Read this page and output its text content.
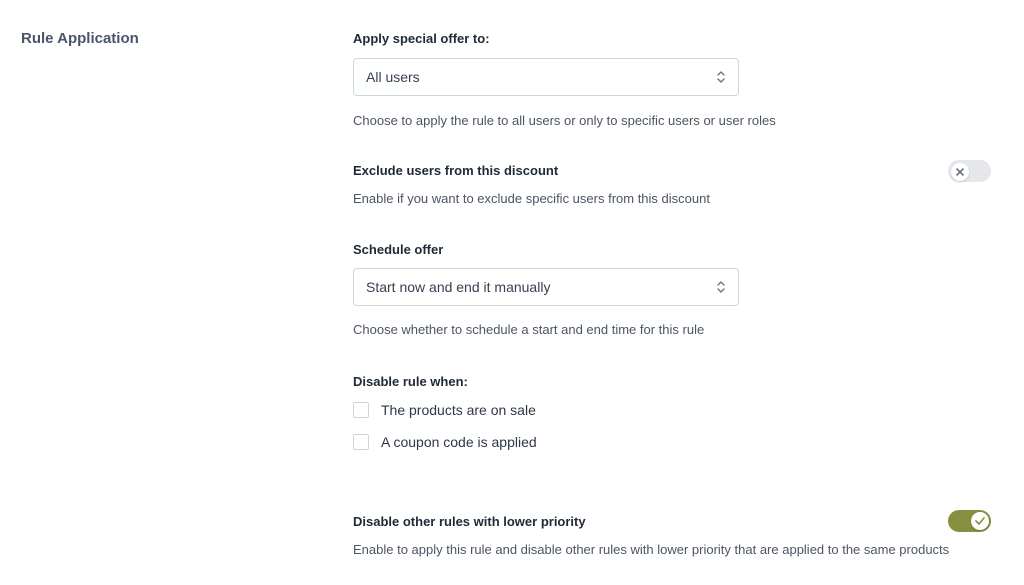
Rule Application	Apply special offer to:
All users
Choose to apply the rule to all users or only to specific users or user roles
Exclude users from this discount
Enable if you want to exclude specific users from this discount
Schedule offer
Start now and end it manually
Choose whether to schedule a start and end time for this rule
Disable rule when:
The products are on sale
A coupon code is applied
Disable other rules with lower priority
Enable to apply this rule and disable other rules with lower priority that are applied to the same products
